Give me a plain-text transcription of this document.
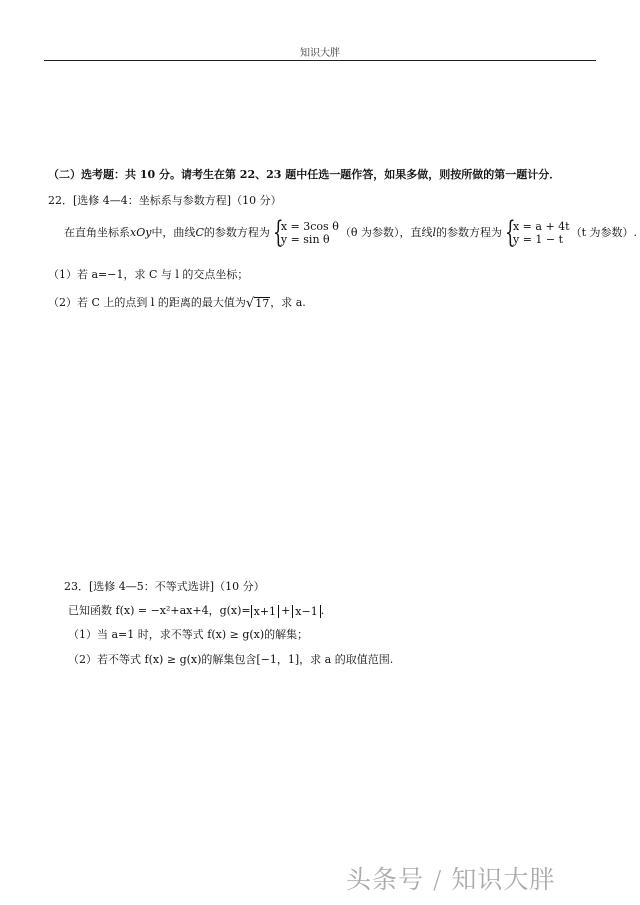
知识大胖
（二）选考题：共 10 分。请考生在第 22、23 题中任选一题作答，如果多做，则按所做的第一题计分．
22．[选修 4—4：坐标系与参数方程]（10 分）
在直角坐标系 xOy 中，曲线 C 的参数方程为 {
x = 3cos θ
y = sin θ
（θ 为参数），直线 l 的参数方程为 {
x = a + 4t
y = 1 − t
（t 为参数）.
（1）若 a=−1，求 C 与 l 的交点坐标；
（2）若 C 上的点到 l 的距离的最大值为 √ 17 ，求 a.
23．[选修 4—5：不等式选讲]（10 分）
已知函数 f(x) = −x²+ax+4，g(x)= x+1 + x−1 .
（1）当 a=1 时，求不等式 f(x) ≥ g(x)的解集；
（2）若不等式 f(x) ≥ g(x)的解集包含[−1，1]，求 a 的取值范围.
头条号 / 知识大胖
